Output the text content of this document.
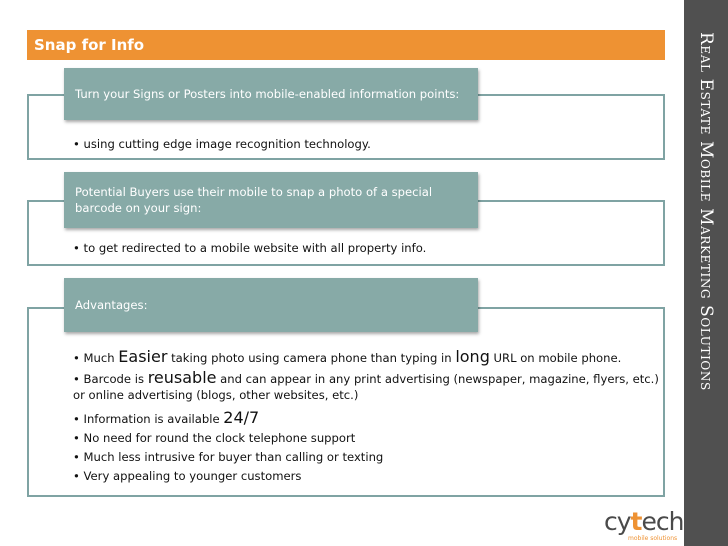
Real Estate Mobile Marketing Solutions
Snap for Info
Turn your Signs or Posters into mobile-enabled information points:
• using cutting edge image recognition technology.
Potential Buyers use their mobile to snap a photo of a special barcode on your sign:
• to get redirected to a mobile website with all property info.
Advantages:
• Much Easier taking photo using camera phone than typing in long URL on mobile phone.
• Barcode is reusable and can appear in any print advertising (newspaper, magazine, flyers, etc.) or online advertising (blogs, other websites, etc.)
• Information is available 24/7
• No need for round the clock telephone support
• Much less intrusive for buyer than calling or texting
• Very appealing to younger customers
cytech
mobile solutions
